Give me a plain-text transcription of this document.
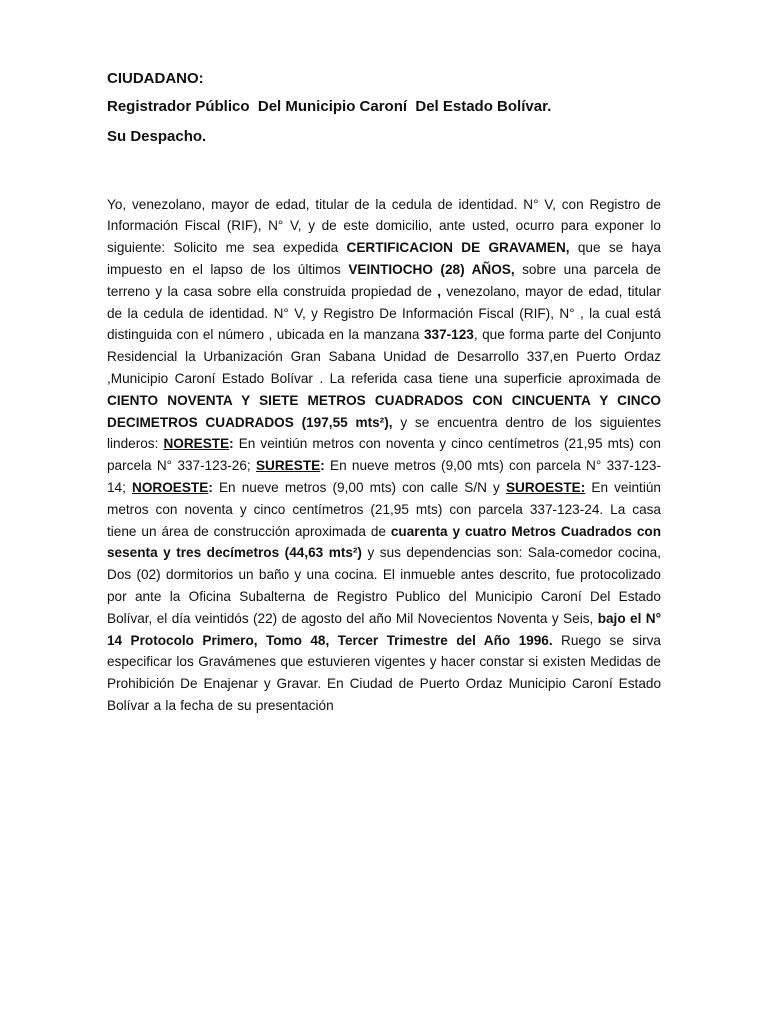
CIUDADANO:

Registrador Público  Del Municipio Caroní  Del Estado Bolívar.

Su Despacho.

Yo, venezolano, mayor de edad, titular de la cedula de identidad. N° V, con Registro de Información Fiscal (RIF), N° V, y de este domicilio, ante usted, ocurro para exponer lo siguiente: Solicito me sea expedida CERTIFICACION DE GRAVAMEN, que se haya impuesto en el lapso de los últimos VEINTIOCHO (28) AÑOS, sobre una parcela de terreno y la casa sobre ella construida propiedad de , venezolano, mayor de edad, titular de la cedula de identidad. N° V, y Registro De Información Fiscal (RIF), N° , la cual está distinguida con el número , ubicada en la manzana 337-123, que forma parte del Conjunto Residencial la Urbanización Gran Sabana Unidad de Desarrollo 337,en Puerto Ordaz ,Municipio Caroní Estado Bolívar . La referida casa tiene una superficie aproximada de CIENTO NOVENTA Y SIETE METROS CUADRADOS CON CINCUENTA Y CINCO DECIMETROS CUADRADOS (197,55 mts²), y se encuentra dentro de los siguientes linderos: NORESTE: En veintiún metros con noventa y cinco centímetros (21,95 mts) con parcela N° 337-123-26; SURESTE: En nueve metros (9,00 mts) con parcela N° 337-123-14; NOROESTE: En nueve metros (9,00 mts) con calle S/N y SUROESTE: En veintiún metros con noventa y cinco centímetros (21,95 mts) con parcela 337-123-24. La casa tiene un área de construcción aproximada de cuarenta y cuatro Metros Cuadrados con sesenta y tres decímetros (44,63 mts²) y sus dependencias son: Sala-comedor cocina, Dos (02) dormitorios un baño y una cocina. El inmueble antes descrito, fue protocolizado por ante la Oficina Subalterna de Registro Publico del Municipio Caroní Del Estado Bolívar, el día veintidós (22) de agosto del año Mil Novecientos Noventa y Seis, bajo el N° 14 Protocolo Primero, Tomo 48, Tercer Trimestre del Año 1996. Ruego se sirva especificar los Gravámenes que estuvieren vigentes y hacer constar si existen Medidas de Prohibición De Enajenar y Gravar. En Ciudad de Puerto Ordaz Municipio Caroní Estado Bolívar a la fecha de su presentación
